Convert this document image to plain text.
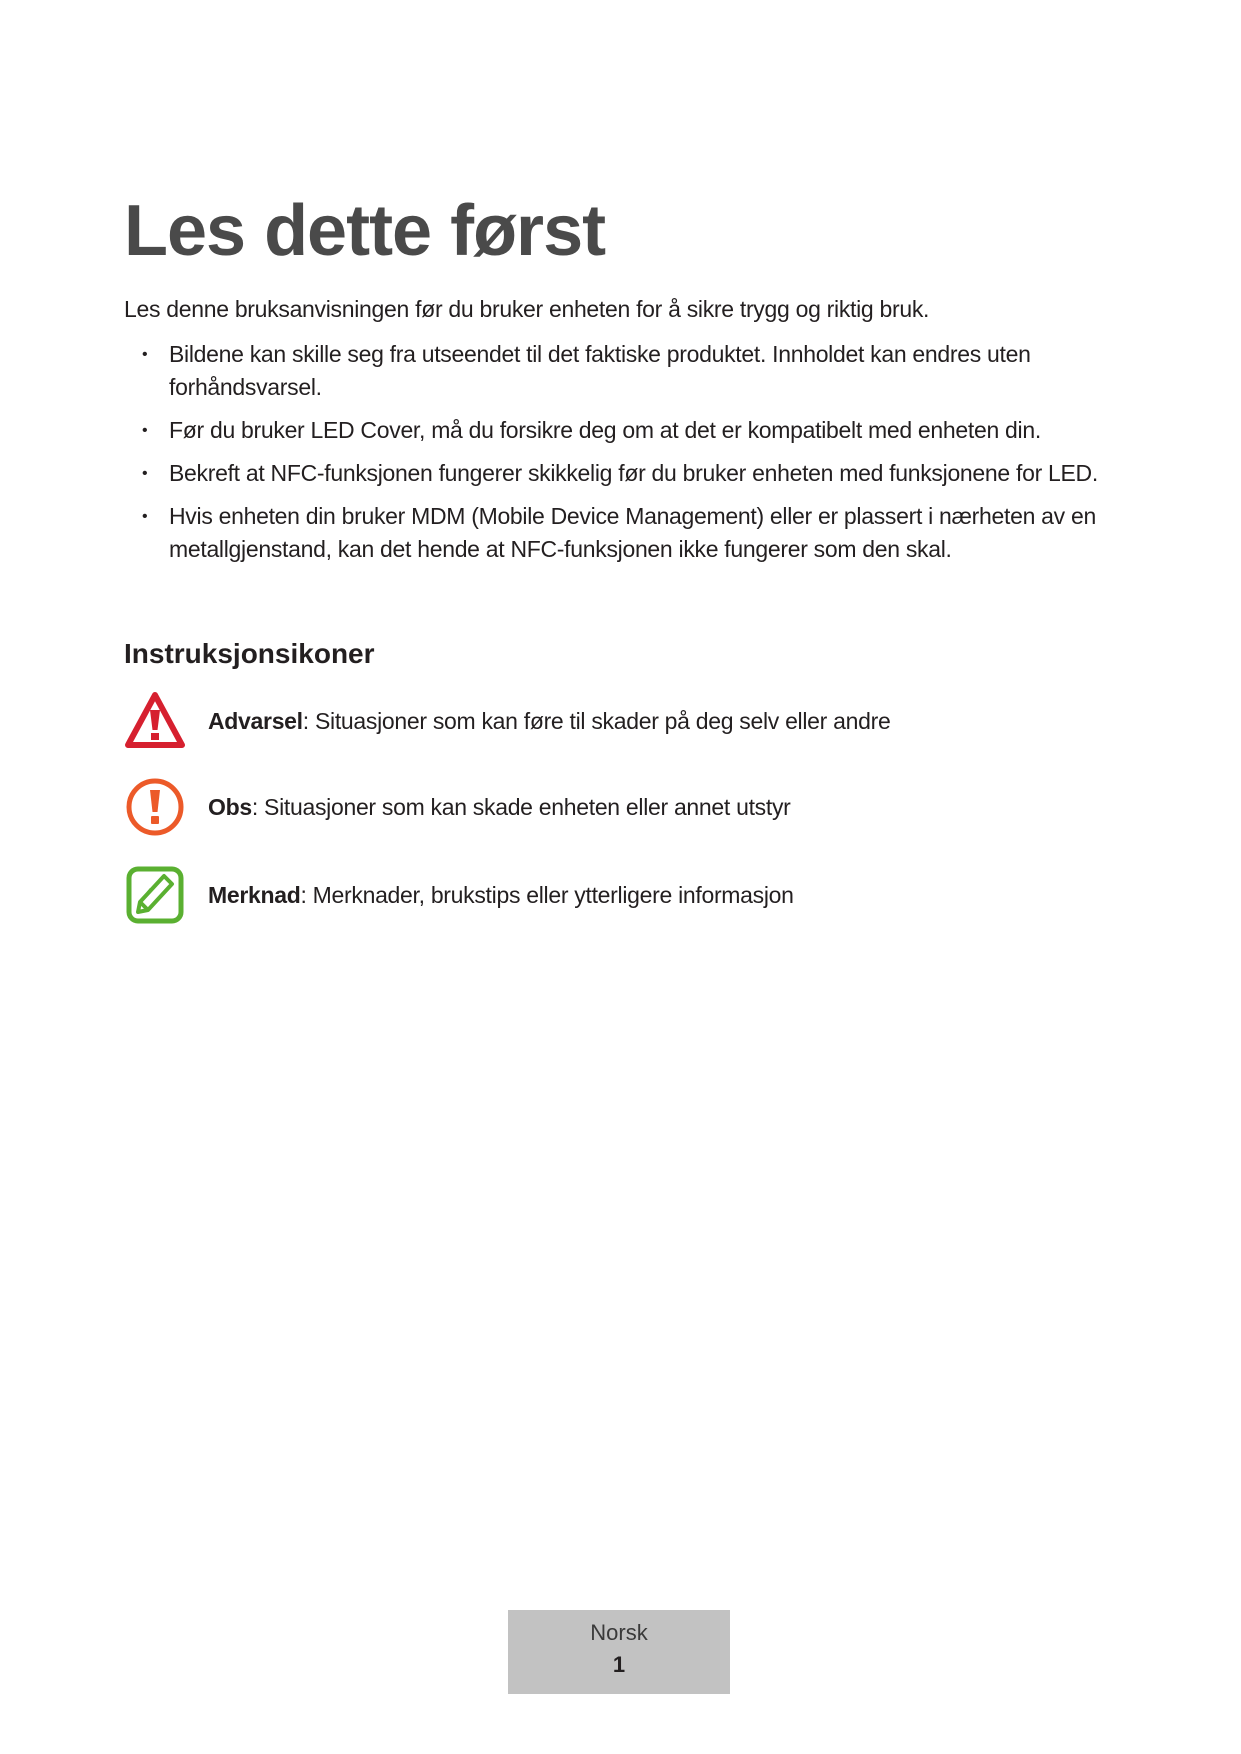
Les dette først

Les denne bruksanvisningen før du bruker enheten for å sikre trygg og riktig bruk.

• Bildene kan skille seg fra utseendet til det faktiske produktet. Innholdet kan endres uten forhåndsvarsel.
• Før du bruker LED Cover, må du forsikre deg om at det er kompatibelt med enheten din.
• Bekreft at NFC-funksjonen fungerer skikkelig før du bruker enheten med funksjonene for LED.
• Hvis enheten din bruker MDM (Mobile Device Management) eller er plassert i nærheten av en metallgjenstand, kan det hende at NFC-funksjonen ikke fungerer som den skal.
Instruksjonsikoner
Advarsel: Situasjoner som kan føre til skader på deg selv eller andre
Obs: Situasjoner som kan skade enheten eller annet utstyr
Merknad: Merknader, brukstips eller ytterligere informasjon
Norsk
1
